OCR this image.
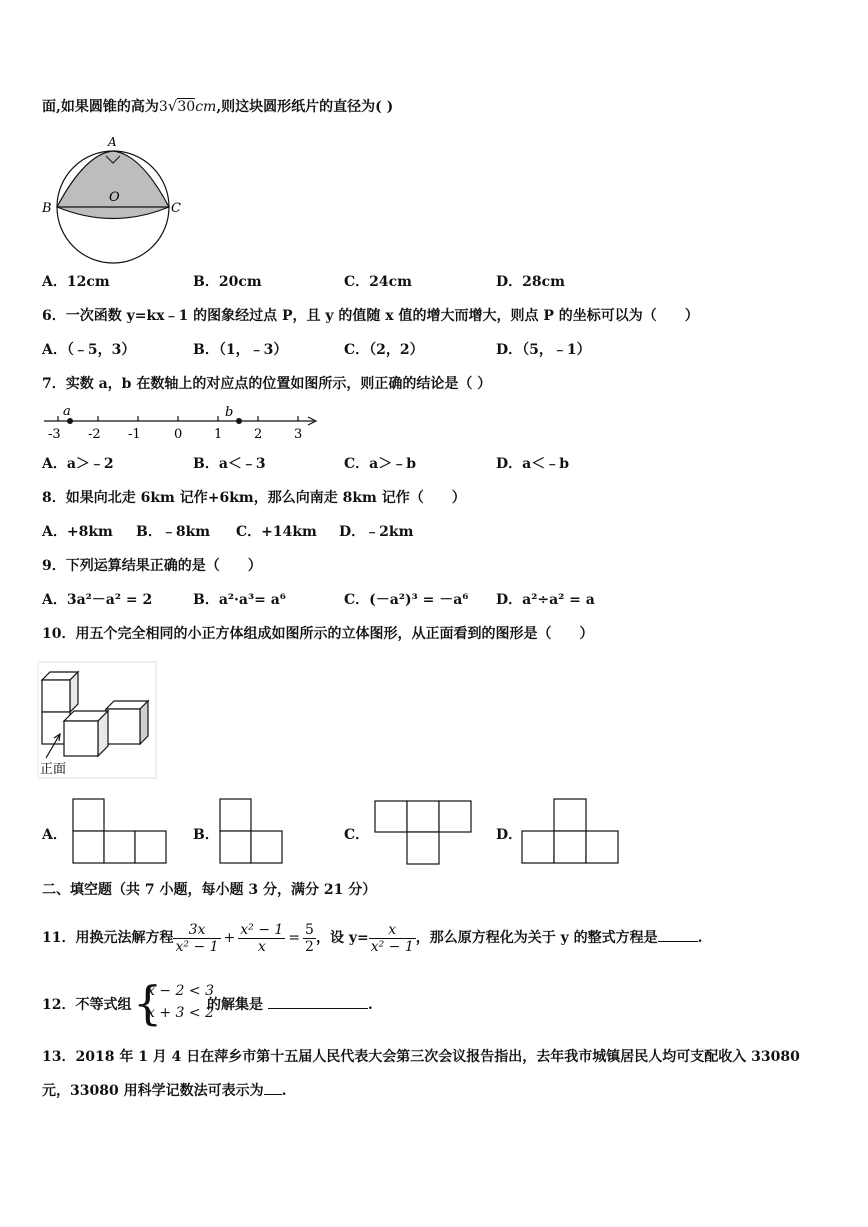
面,如果圆锥的高为3√30cm,则这块圆形纸片的直径为( )
A
B	C
O
A．12cm	B．20cm	C．24cm	D．28cm
6．一次函数 y=kx﹣1 的图象经过点 P，且 y 的值随 x 值的增大而增大，则点 P 的坐标可以为（　　）
A．（﹣5，3）	B．（1，﹣3）	C．（2，2）	D．（5，﹣1）
7．实数 a，b 在数轴上的对应点的位置如图所示，则正确的结论是（ ）
a	b
-3 -2 -1	0 1 2 3
A．a＞﹣2	B．a＜﹣3	C．a＞﹣b	D．a＜﹣b
8．如果向北走 6km 记作+6km，那么向南走 8km 记作（　　）
A．+8km B．﹣8km C．+14km D．﹣2km
9．下列运算结果正确的是（　　）
A．3a²－a² = 2	B．a²·a³= a⁶	C．(－a²)³ = －a⁶ D．a²÷a² = a
10．用五个完全相同的小正方体组成如图所示的立体图形，从正面看到的图形是（　　）
正面
A．	B．	C．	D．
二、填空题（共 7 小题，每小题 3 分，满分 21 分）
11．用换元法解方程 $\frac{3x}{\text{x² − 1}} + \frac{\text{x² − 1}}{x} = \frac{5}{2}$ ，设 $y= \frac{x}{\text{x² − 1}}$ ，那么原方程化为关于 y 的整式方程是	.
12．不等式组 {
x − 2 < 3
x + 3 < 2
的解集是	.
13．2018 年 1 月 4 日在萍乡市第十五届人民代表大会第三次会议报告指出，去年我市城镇居民人均可支配收入 33080
元，33080 用科学记数法可表示为 .
